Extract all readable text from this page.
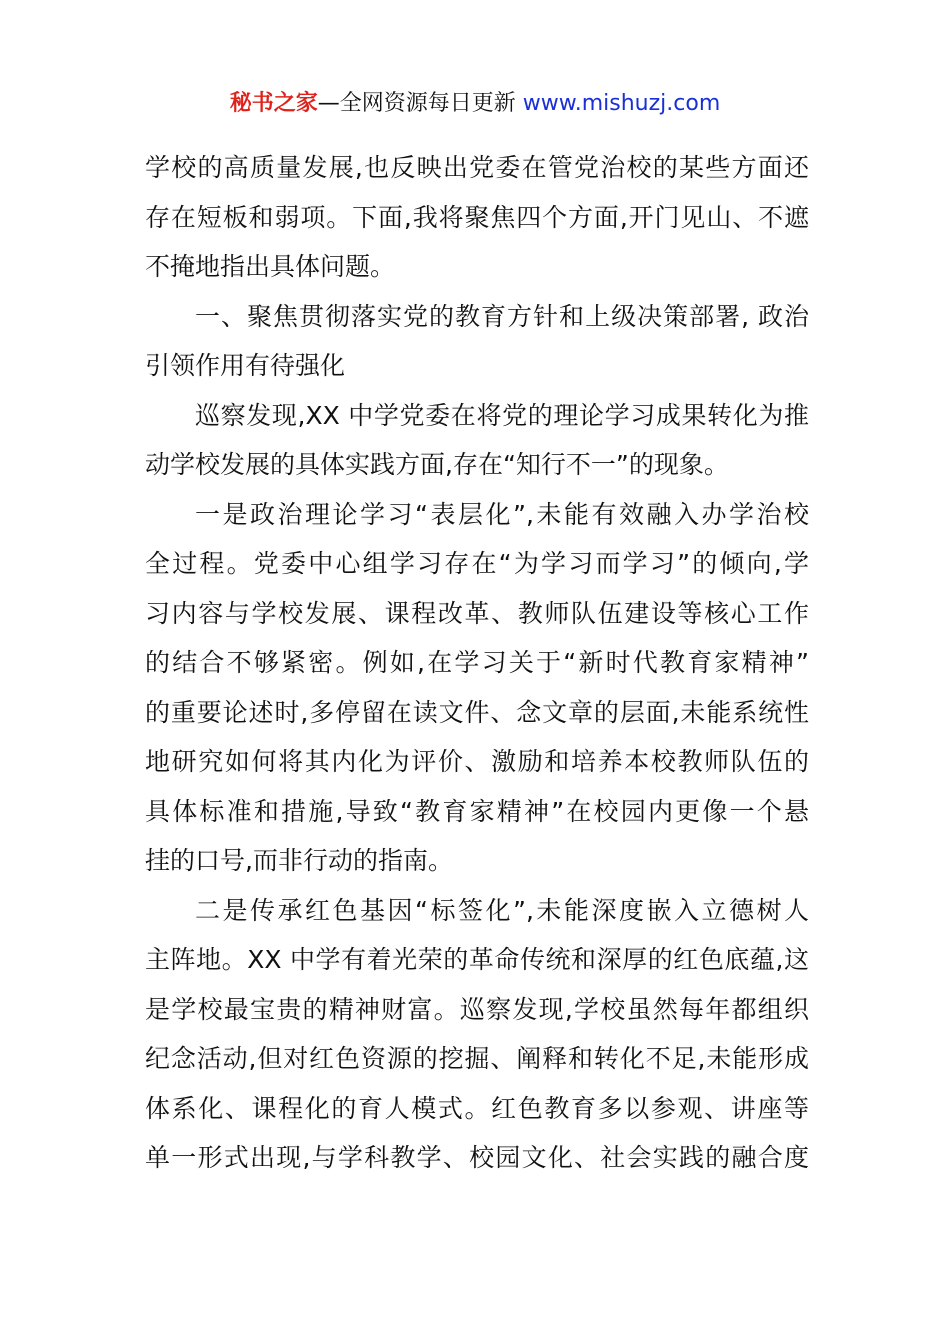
秘书之家—全网资源每日更新 www.mishuzj.com
学校的高质量发展,也反映出党委在管党治校的某些方面还
存在短板和弱项。下面,我将聚焦四个方面,开门见山、不遮
不掩地指出具体问题。
一、聚焦贯彻落实党的教育方针和上级决策部署, 政治
引领作用有待强化
巡察发现,XX 中学党委在将党的理论学习成果转化为推
动学校发展的具体实践方面,存在“知行不一”的现象。
一是政治理论学习“表层化”,未能有效融入办学治校
全过程。党委中心组学习存在“为学习而学习”的倾向,学
习内容与学校发展、课程改革、教师队伍建设等核心工作
的结合不够紧密。例如,在学习关于“新时代教育家精神”
的重要论述时,多停留在读文件、念文章的层面,未能系统性
地研究如何将其内化为评价、激励和培养本校教师队伍的
具体标准和措施,导致“教育家精神”在校园内更像一个悬
挂的口号,而非行动的指南。
二是传承红色基因“标签化”,未能深度嵌入立德树人
主阵地。XX 中学有着光荣的革命传统和深厚的红色底蕴,这
是学校最宝贵的精神财富。巡察发现,学校虽然每年都组织
纪念活动,但对红色资源的挖掘、阐释和转化不足,未能形成
体系化、课程化的育人模式。红色教育多以参观、讲座等
单一形式出现,与学科教学、校园文化、社会实践的融合度
